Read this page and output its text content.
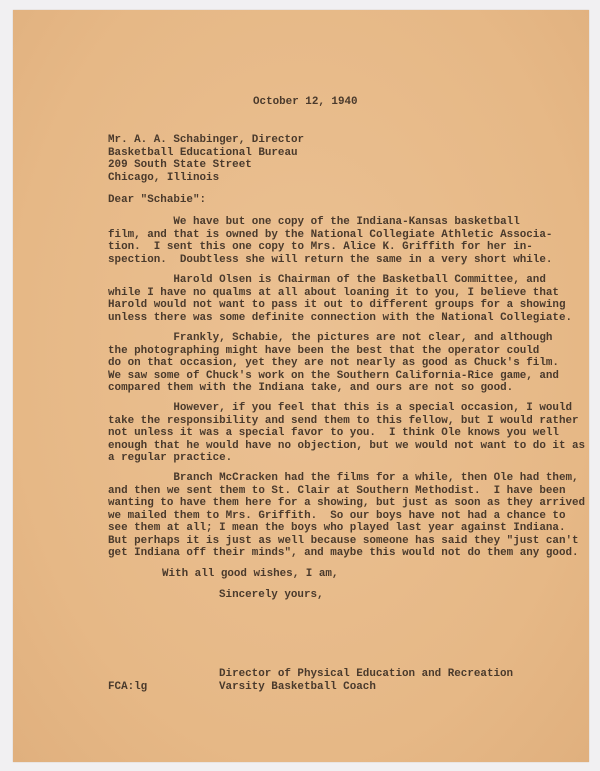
October 12, 1940
Mr. A. A. Schabinger, Director
Basketball Educational Bureau
209 South State Street
Chicago, Illinois
Dear "Schabie":
We have but one copy of the Indiana-Kansas basketball
film, and that is owned by the National Collegiate Athletic Associa-
tion.  I sent this one copy to Mrs. Alice K. Griffith for her in-
spection.  Doubtless she will return the same in a very short while.
Harold Olsen is Chairman of the Basketball Committee, and
while I have no qualms at all about loaning it to you, I believe that
Harold would not want to pass it out to different groups for a showing
unless there was some definite connection with the National Collegiate.
Frankly, Schabie, the pictures are not clear, and although
the photographing might have been the best that the operator could
do on that occasion, yet they are not nearly as good as Chuck's film.
We saw some of Chuck's work on the Southern California-Rice game, and
compared them with the Indiana take, and ours are not so good.
However, if you feel that this is a special occasion, I would
take the responsibility and send them to this fellow, but I would rather
not unless it was a special favor to you.  I think Ole knows you well
enough that he would have no objection, but we would not want to do it as
a regular practice.
Branch McCracken had the films for a while, then Ole had them,
and then we sent them to St. Clair at Southern Methodist.  I have been
wanting to have them here for a showing, but just as soon as they arrived
we mailed them to Mrs. Griffith.  So our boys have not had a chance to
see them at all; I mean the boys who played last year against Indiana.
But perhaps it is just as well because someone has said they "just can't
get Indiana off their minds", and maybe this would not do them any good.
With all good wishes, I am,
Sincerely yours,
Director of Physical Education and Recreation
Varsity Basketball Coach
FCA:lg
